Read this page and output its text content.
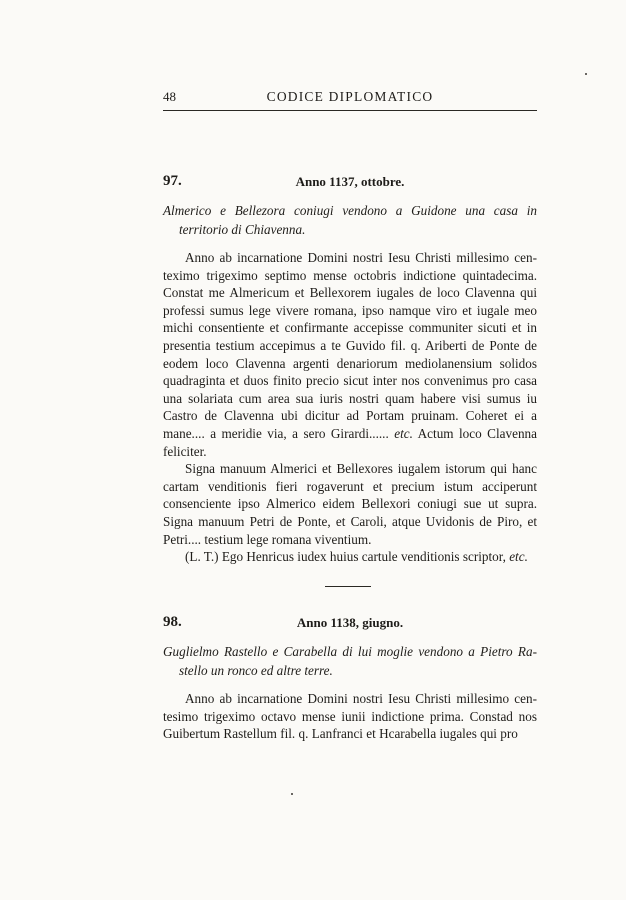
48	CODICE DIPLOMATICO
97.	Anno 1137, ottobre.

Almerico e Bellezora coniugi vendono a Guidone una casa in territorio di Chiavenna.

Anno ab incarnatione Domini nostri Iesu Christi millesimo centeximo trigeximo septimo mense octobris indictione quintadecima. Constat me Almericum et Bellexorem iugales de loco Clavenna qui professi sumus lege vivere romana, ipso namque viro et iugale meo michi consentiente et confirmante accepisse communiter sicuti et in presentia testium accepimus a te Guvido fil. q. Ariberti de Ponte de eodem loco Clavenna argenti denariorum mediolanensium solidos quadraginta et duos finito precio sicut inter nos convenimus pro casa una solariata cum area sua iuris nostri quam habere visi sumus iu Castro de Clavenna ubi dicitur ad Portam pruinam. Coheret ei a mane.... a meridie via, a sero Girardi...... etc. Actum loco Clavenna feliciter.

Signa manuum Almerici et Bellexores iugalem istorum qui hanc cartam venditionis fieri rogaverunt et precium istum acciperunt consenciente ipso Almerico eidem Bellexori coniugi sue ut supra. Signa manuum Petri de Ponte, et Caroli, atque Uvidonis de Piro, et Petri.... testium lege romana viventium.

(L. T.) Ego Henricus iudex huius cartule venditionis scriptor, etc.

98.	Anno 1138, giugno.

Guglielmo Rastello e Carabella di lui moglie vendono a Pietro Rastello un ronco ed altre terre.

Anno ab incarnatione Domini nostri Iesu Christi millesimo centesimo trigeximo octavo mense iunii indictione prima. Constad nos Guibertum Rastellum fil. q. Lanfranci et Hcarabella iugales qui pro
